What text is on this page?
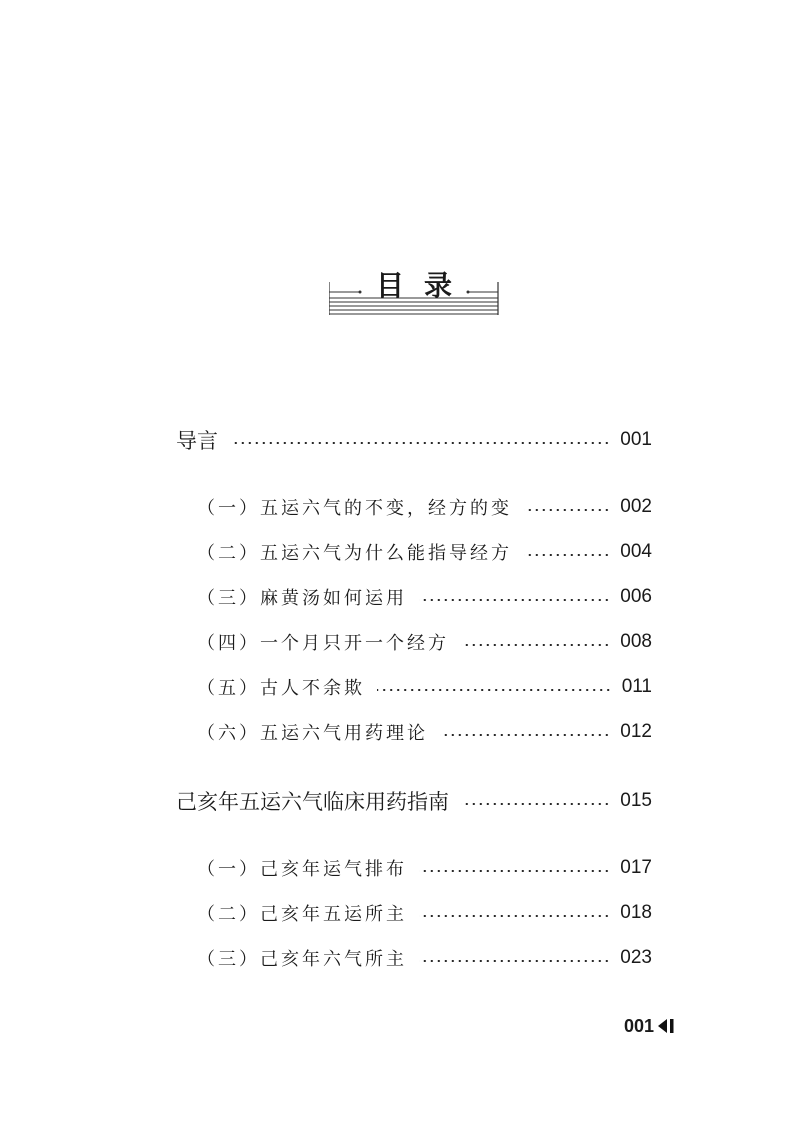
目录
导言	001
（一）五运六气的不变，经方的变	002
（二）五运六气为什么能指导经方	004
（三）麻黄汤如何运用	006
（四）一个月只开一个经方	008
（五）古人不余欺	011
（六）五运六气用药理论	012
己亥年五运六气临床用药指南	015
（一）己亥年运气排布	017
（二）己亥年五运所主	018
（三）己亥年六气所主	023
001
